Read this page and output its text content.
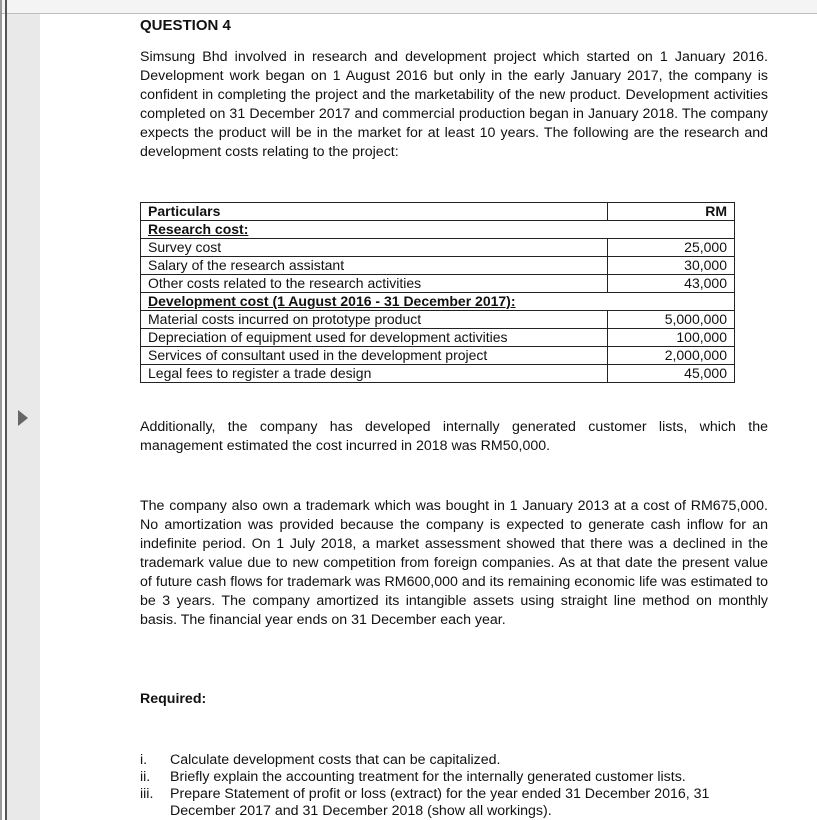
QUESTION 4

Simsung Bhd involved in research and development project which started on 1 January 2016. Development work began on 1 August 2016 but only in the early January 2017, the company is confident in completing the project and the marketability of the new product. Development activities completed on 31 December 2017 and commercial production began in January 2018. The company expects the product will be in the market for at least 10 years. The following are the research and development costs relating to the project:

Particulars	RM
Research cost:	
Survey cost	25,000
Salary of the research assistant	30,000
Other costs related to the research activities	43,000
Development cost (1 August 2016 - 31 December 2017):	
Material costs incurred on prototype product	5,000,000
Depreciation of equipment used for development activities	100,000
Services of consultant used in the development project	2,000,000
Legal fees to register a trade design	45,000

Additionally, the company has developed internally generated customer lists, which the management estimated the cost incurred in 2018 was RM50,000.

The company also own a trademark which was bought in 1 January 2013 at a cost of RM675,000. No amortization was provided because the company is expected to generate cash inflow for an indefinite period. On 1 July 2018, a market assessment showed that there was a declined in the trademark value due to new competition from foreign companies. As at that date the present value of future cash flows for trademark was RM600,000 and its remaining economic life was estimated to be 3 years. The company amortized its intangible assets using straight line method on monthly basis. The financial year ends on 31 December each year.

Required:
i. Calculate development costs that can be capitalized.
ii. Briefly explain the accounting treatment for the internally generated customer lists.
iii. Prepare Statement of profit or loss (extract) for the year ended 31 December 2016, 31 December 2017 and 31 December 2018 (show all workings).
